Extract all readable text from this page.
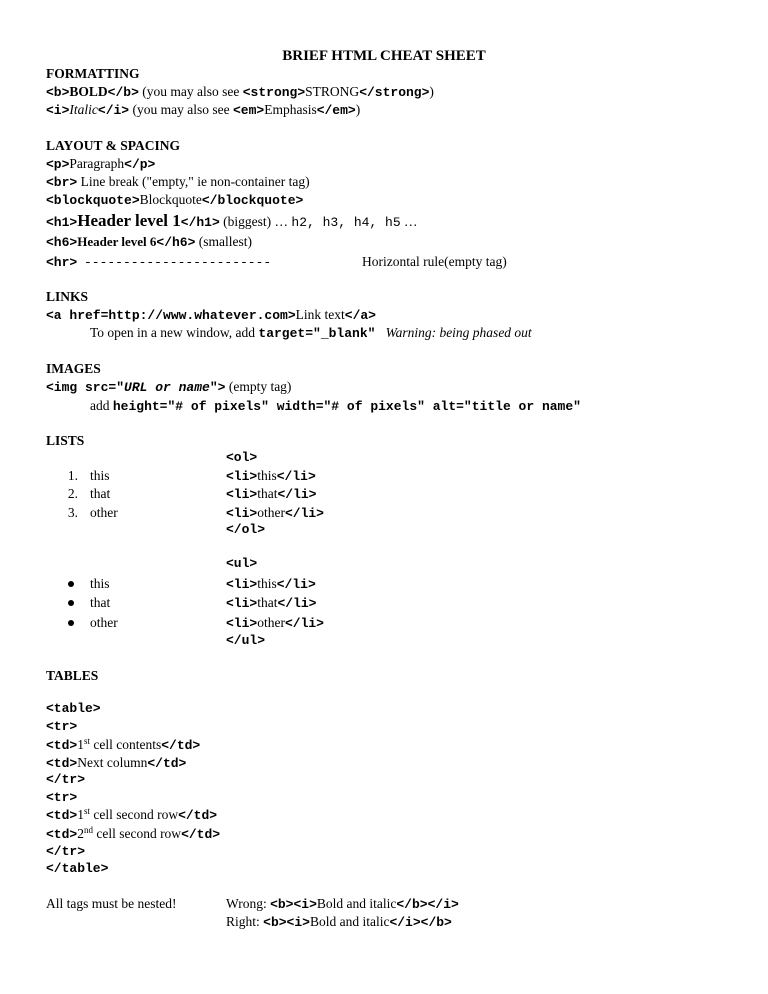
BRIEF HTML CHEAT SHEET
FORMATTING
<b>BOLD</b> (you may also see <strong>STRONG</strong>)
<i>Italic</i> (you may also see <em>Emphasis</em>)
LAYOUT & SPACING
<p>Paragraph</p>
<br> Line break ("empty," ie non-container tag)
<blockquote>Blockquote</blockquote>
<h1>Header level 1</h1> (biggest) … h2, h3, h4, h5 …
<h6>Header level 6</h6> (smallest)
<hr> ------------------------	Horizontal rule(empty tag)
LINKS
<a href=http://www.whatever.com>Link text</a>
To open in a new window, add target="_blank" Warning: being phased out
IMAGES
<img src="URL or name"> (empty tag)
add height="# of pixels" width="# of pixels" alt="title or name"
LISTS
<ol>
1. this	<li>this</li>
2. that	<li>that</li>
3. other	<li>other</li>
</ol>
<ul>
this	<li>this</li>
that	<li>that</li>
other	<li>other</li>
</ul>
TABLES
<table>
<tr>
<td>1st cell contents</td>
<td>Next column</td>
</tr>
<tr>
<td>1st cell second row</td>
<td>2nd cell second row</td>
</tr>
</table>
All tags must be nested!	Wrong: <b><i>Bold and italic</b></i>
Right: <b><i>Bold and italic</i></b>
